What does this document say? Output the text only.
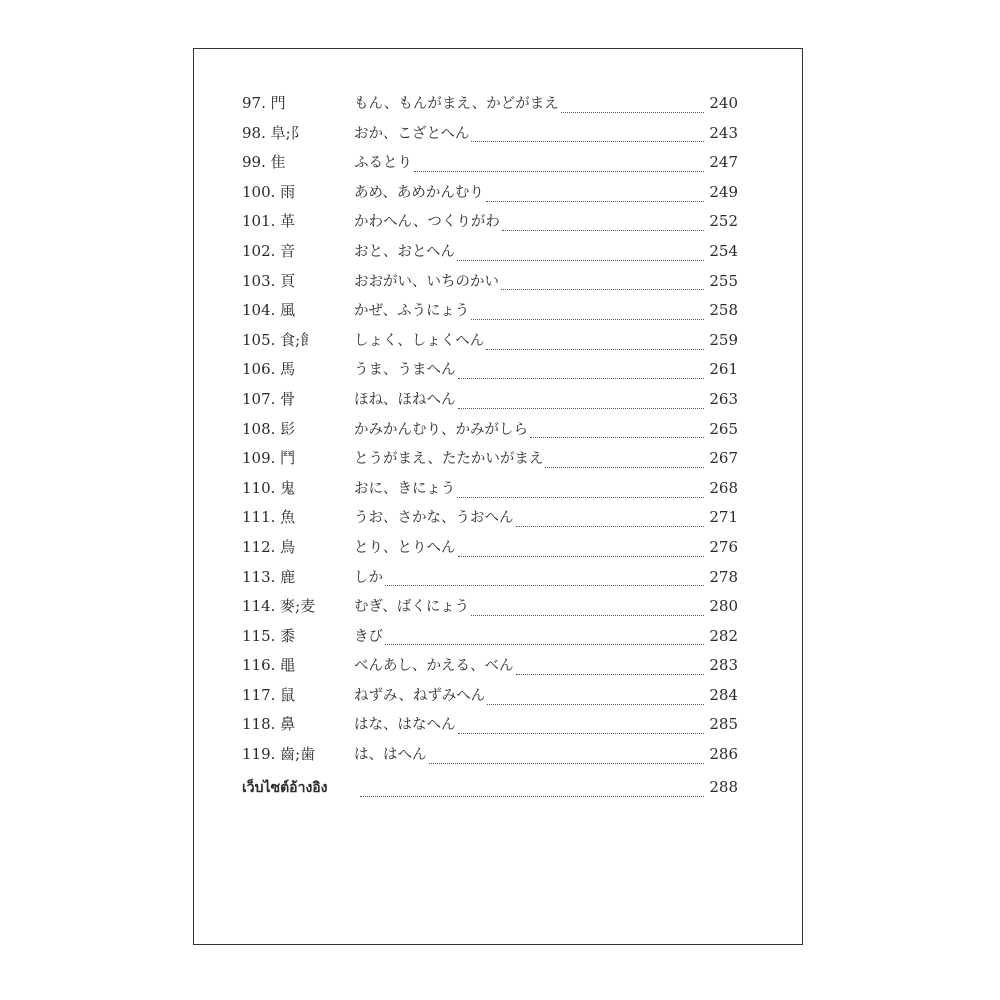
97. 門	もん、もんがまえ、かどがまえ	240
98. 阜;阝	おか、こざとへん	243
99. 隹	ふるとり	247
100. 雨	あめ、あめかんむり	249
101. 革	かわへん、つくりがわ	252
102. 音	おと、おとへん	254
103. 頁	おおがい、いちのかい	255
104. 風	かぜ、ふうにょう	258
105. 食;飠	しょく、しょくへん	259
106. 馬	うま、うまへん	261
107. 骨	ほね、ほねへん	263
108. 髟	かみかんむり、かみがしら	265
109. 鬥	とうがまえ、たたかいがまえ	267
110. 鬼	おに、きにょう	268
111. 魚	うお、さかな、うおへん	271
112. 鳥	とり、とりへん	276
113. 鹿	しか	278
114. 麥;麦	むぎ、ばくにょう	280
115. 黍	きび	282
116. 黽	べんあし、かえる、べん	283
117. 鼠	ねずみ、ねずみへん	284
118. 鼻	はな、はなへん	285
119. 齒;歯	は、はへん	286
เว็บไซต์อ้างอิง	288
